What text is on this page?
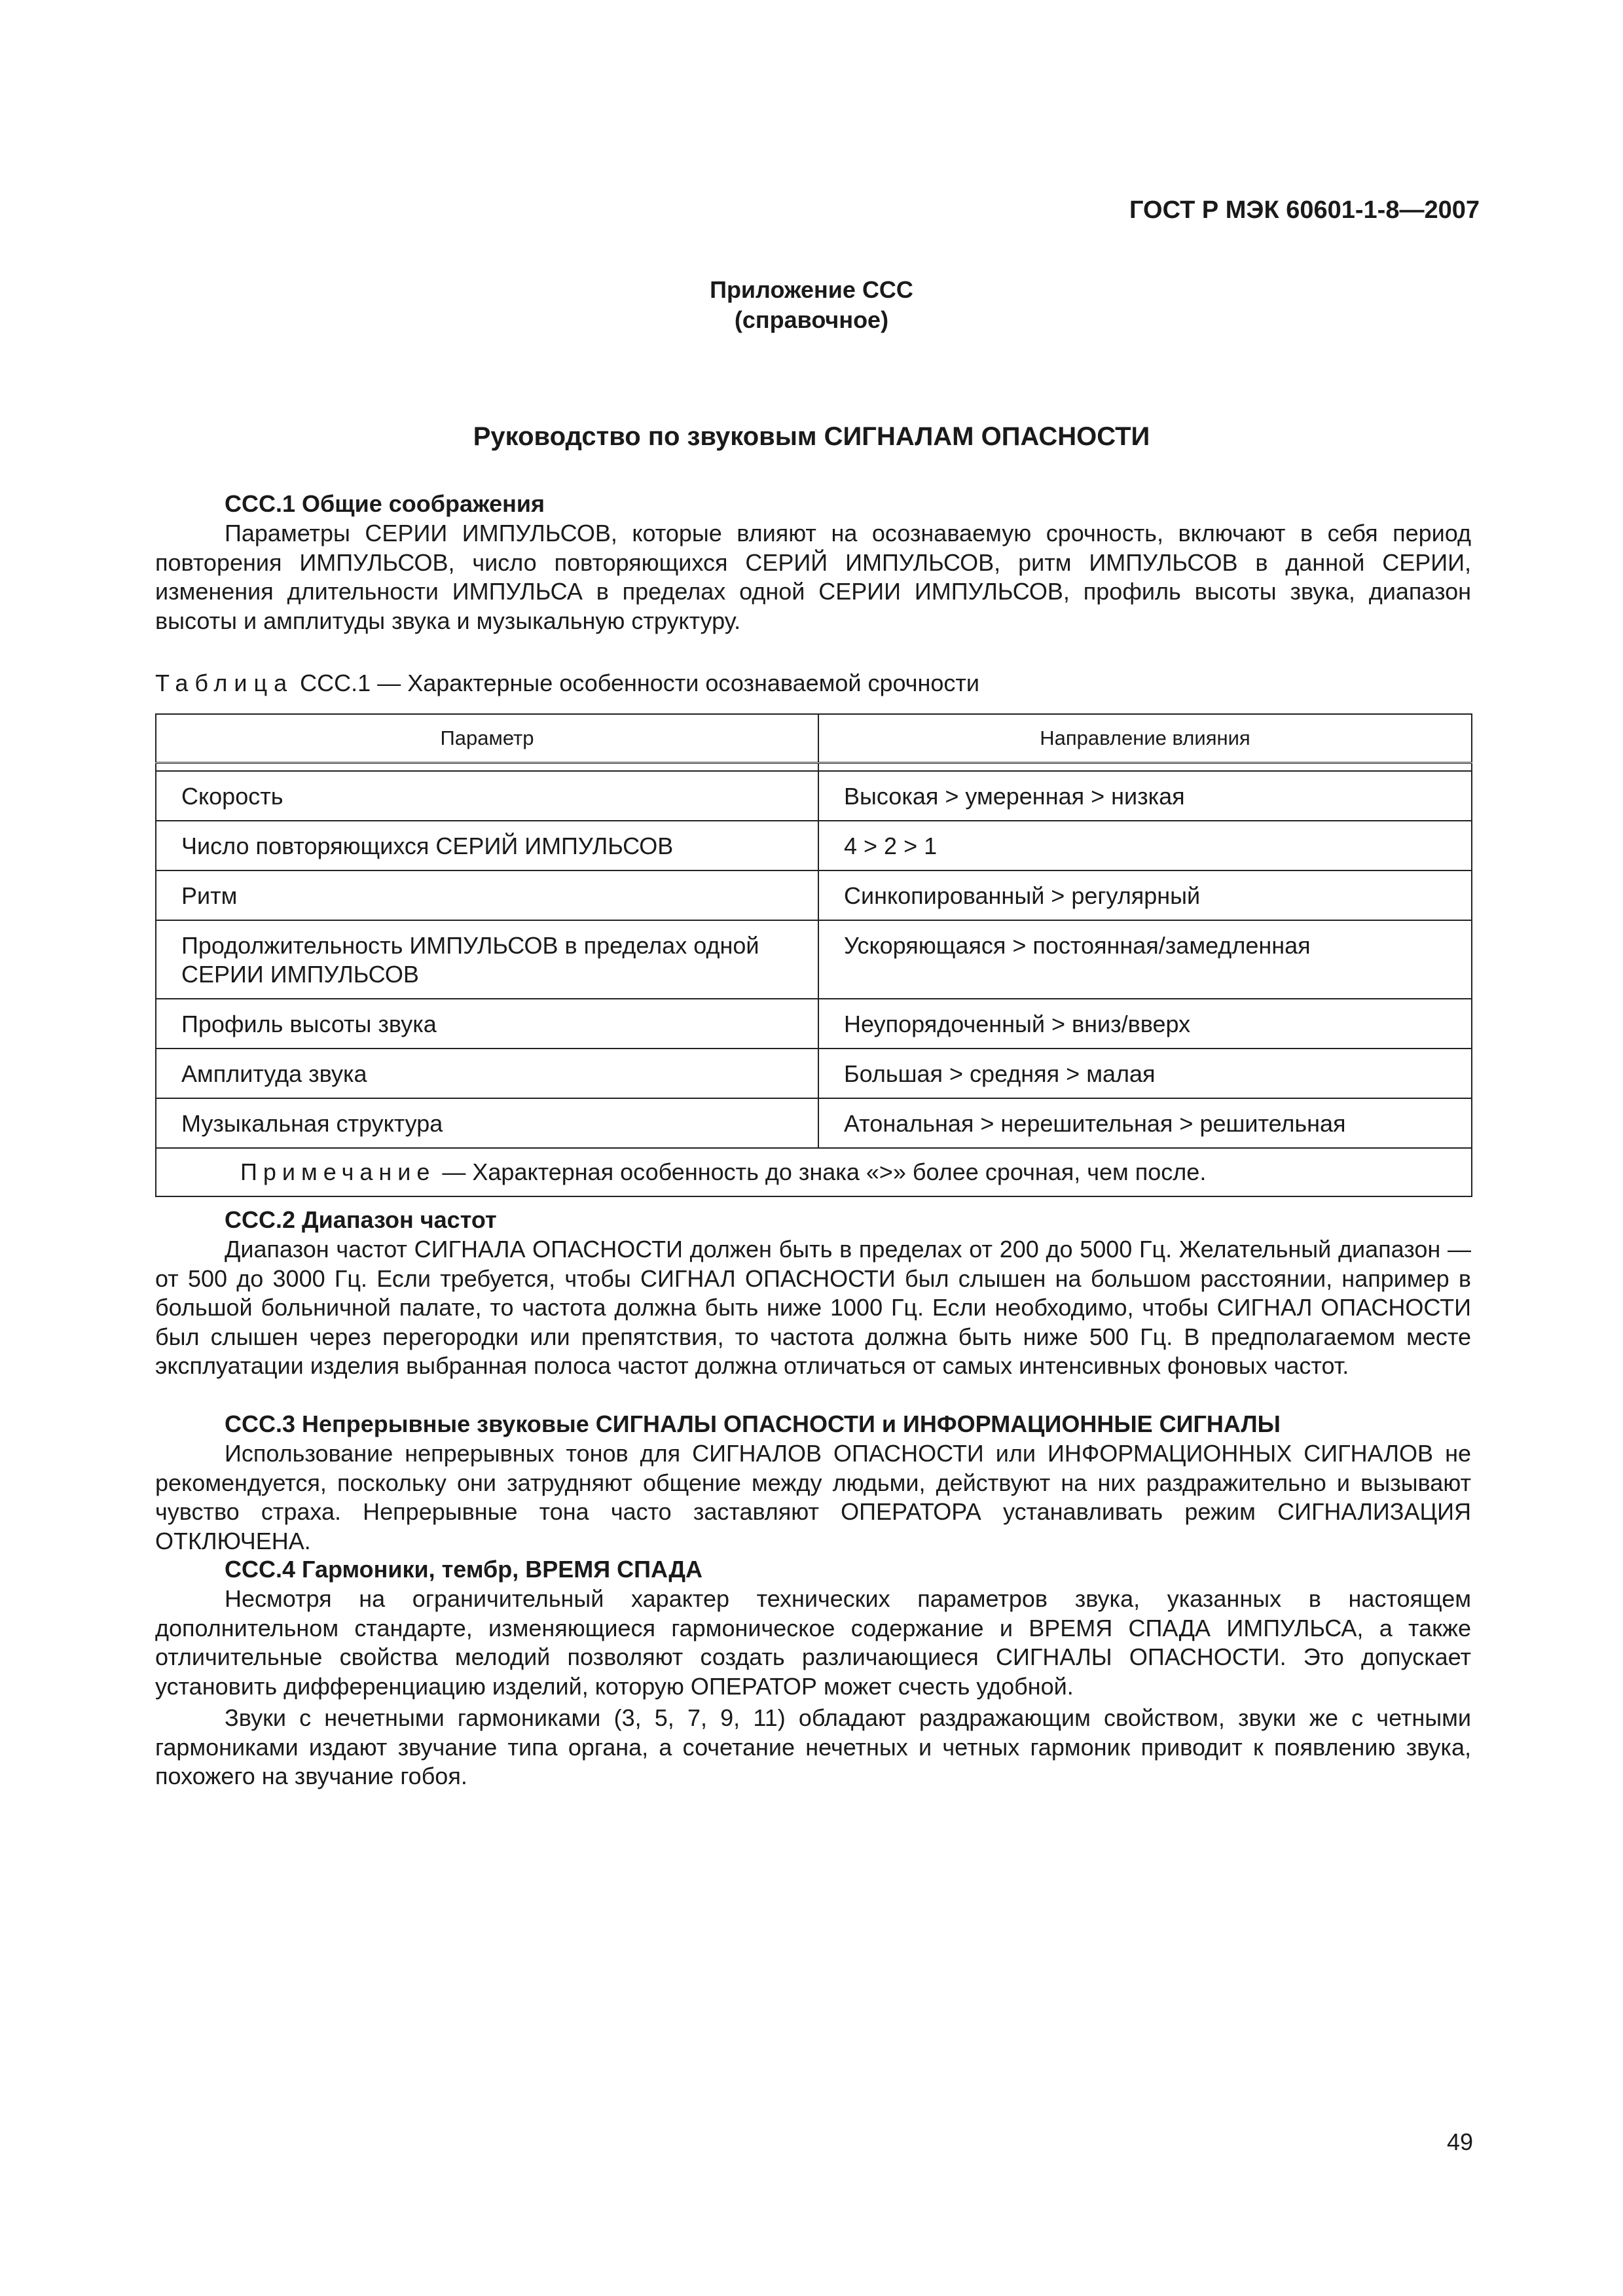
ГОСТ Р МЭК 60601-1-8—2007
Приложение ССС
(справочное)
Руководство по звуковым СИГНАЛАМ ОПАСНОСТИ
ССС.1 Общие соображения

Параметры СЕРИИ ИМПУЛЬСОВ, которые влияют на осознаваемую срочность, включают в себя период повторения ИМПУЛЬСОВ, число повторяющихся СЕРИЙ ИМПУЛЬСОВ, ритм ИМПУЛЬСОВ в данной СЕРИИ, изменения длительности ИМПУЛЬСА в пределах одной СЕРИИ ИМПУЛЬСОВ, профиль высоты звука, диапазон высоты и амплитуды звука и музыкальную структуру.

Таблица ССС.1 — Характерные особенности осознаваемой срочности
Параметр	Направление влияния

Скорость	Высокая > умеренная > низкая
Число повторяющихся СЕРИЙ ИМПУЛЬСОВ	4 > 2 > 1
Ритм	Синкопированный > регулярный
Продолжительность ИМПУЛЬСОВ в пределах одной СЕРИИ ИМПУЛЬСОВ	Ускоряющаяся > постоянная/замедленная
Профиль высоты звука	Неупорядоченный > вниз/вверх
Амплитуда звука	Большая > средняя > малая
Музыкальная структура	Атональная > нерешительная > решительная
Примечание — Характерная особенность до знака «>» более срочная, чем после.	
ССС.2 Диапазон частот

Диапазон частот СИГНАЛА ОПАСНОСТИ должен быть в пределах от 200 до 5000 Гц. Желательный диапазон — от 500 до 3000 Гц. Если требуется, чтобы СИГНАЛ ОПАСНОСТИ был слышен на большом расстоянии, например в большой больничной палате, то частота должна быть ниже 1000 Гц. Если необходимо, чтобы СИГНАЛ ОПАСНОСТИ был слышен через перегородки или препятствия, то частота должна быть ниже 500 Гц. В предполагаемом месте эксплуатации изделия выбранная полоса частот должна отличаться от самых интенсивных фоновых частот.

ССС.3 Непрерывные звуковые СИГНАЛЫ ОПАСНОСТИ и ИНФОРМАЦИОННЫЕ СИГНАЛЫ

Использование непрерывных тонов для СИГНАЛОВ ОПАСНОСТИ или ИНФОРМАЦИОННЫХ СИГНАЛОВ не рекомендуется, поскольку они затрудняют общение между людьми, действуют на них раздражительно и вызывают чувство страха. Непрерывные тона часто заставляют ОПЕРАТОРА устанавливать режим СИГНАЛИЗАЦИЯ ОТКЛЮЧЕНА.

ССС.4 Гармоники, тембр, ВРЕМЯ СПАДА

Несмотря на ограничительный характер технических параметров звука, указанных в настоящем дополнительном стандарте, изменяющиеся гармоническое содержание и ВРЕМЯ СПАДА ИМПУЛЬСА, а также отличительные свойства мелодий позволяют создать различающиеся СИГНАЛЫ ОПАСНОСТИ. Это допускает установить дифференциацию изделий, которую ОПЕРАТОР может счесть удобной.

Звуки с нечетными гармониками (3, 5, 7, 9, 11) обладают раздражающим свойством, звуки же с четными гармониками издают звучание типа органа, а сочетание нечетных и четных гармоник приводит к появлению звука, похожего на звучание гобоя.

49
